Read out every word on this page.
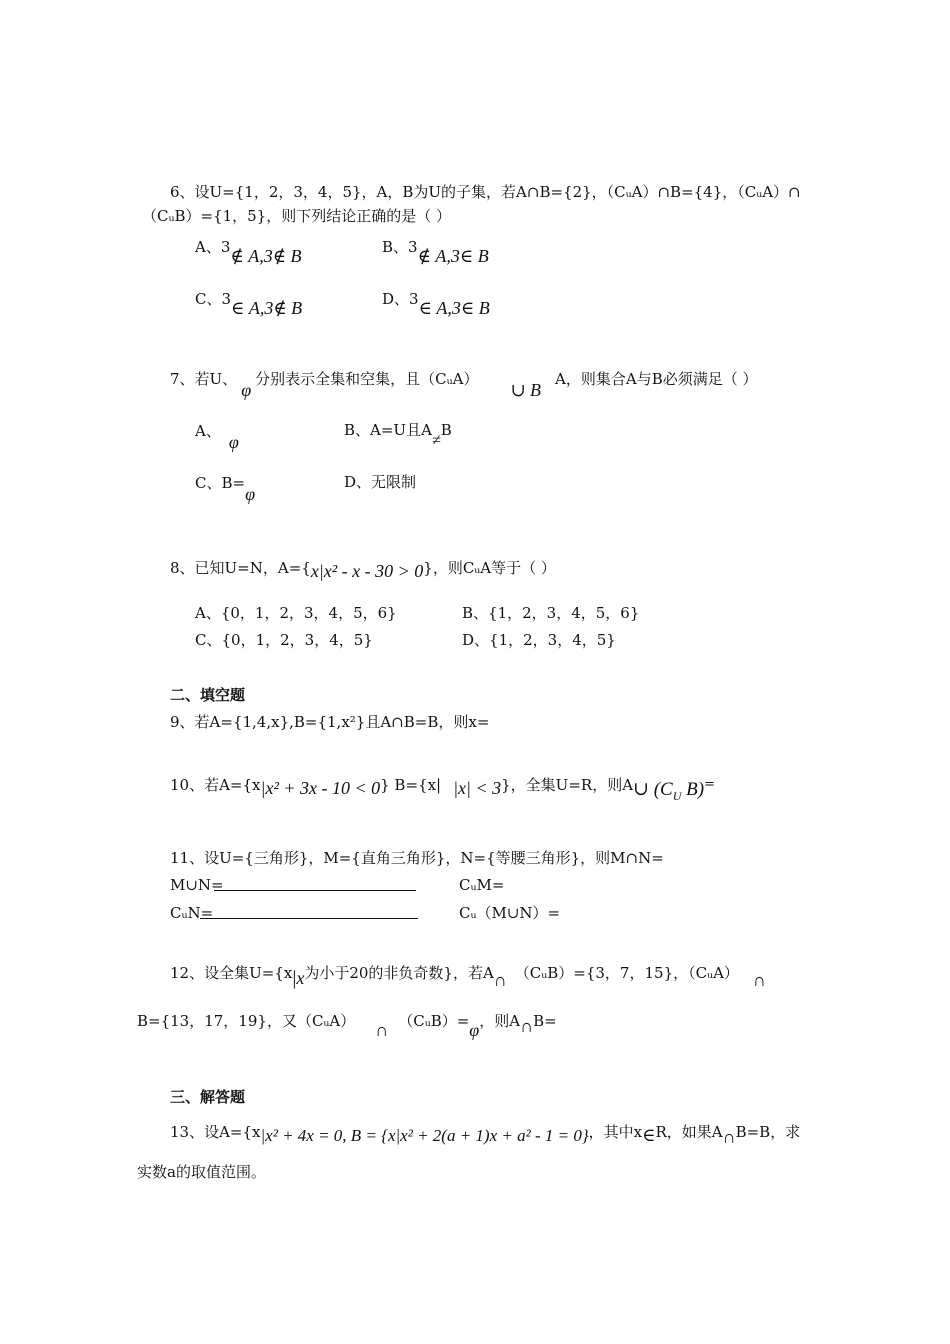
6、设U={1，2，3，4，5}，A，B为U的子集，若A∩B={2}，（CᵤA）∩B={4}，（CᵤA）∩
（CᵤB）={1，5}，则下列结论正确的是（ ）
A、3∉ A,3∉ B	B、3∉ A,3∈ B
C、3∈ A,3∉ B	D、3∈ A,3∈ B
7、若U、φ分别表示全集和空集，且（CᵤA）∪ BA，则集合A与B必须满足（ ）
A、φ
B、A=U且A≠B
C、B=φ
D、无限制
8、已知U=N，A={x|x² - x - 30 > 0}，则CᵤA等于（ ）
A、{0，1，2，3，4，5，6}	B、{1，2，3，4，5，6}
C、{0，1，2，3，4，5}	D、{1，2，3，4，5}
二、填空题
9、若A={1,4,x},B={1,x²}且A∩B=B，则x=
10、若A={x|x² + 3x - 10 < 0} B={x| |x| < 3}，全集U=R，则A∪ ($C_U$ B)=
11、设U={三角形}，M={直角三角形}，N={等腰三角形}，则M∩N=
M∪N=	CᵤM=
CᵤN=	Cᵤ（M∪N）=
12、设全集U={x|x为小于20的非负奇数}，若A∩ （CᵤB）={3，7，15}，（CᵤA） ∩
B={13，17，19}，又（CᵤA） ∩ （CᵤB）=φ，则A∩B=
三、解答题
13、设A={x|x² + 4x = 0, B = {x|x² + 2(a + 1)x + a² - 1 = 0}，其中x∈R，如果A∩B=B，求
实数a的取值范围。
